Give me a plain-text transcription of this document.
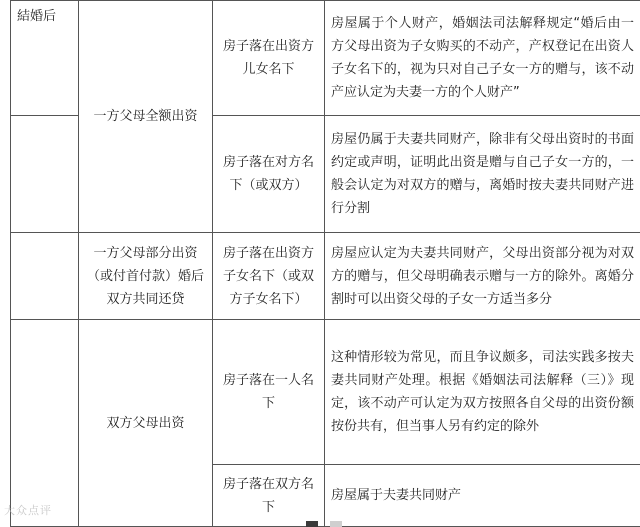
結婚后	一方父母全额出资	房子落在出资方儿女名下	房屋属于个人财产，婚姻法司法解释规定“婚后由一方父母出资为子女购买的不动产，产权登记在出资人子女名下的，视为只对自己子女一方的赠与，该不动产应认定为夫妻一方的个人财产”
		房子落在对方名下（或双方）	房屋仍属于夫妻共同财产，除非有父母出资时的书面约定或声明，证明此出资是赠与自己子女一方的，一般会认定为对双方的赠与，离婚时按夫妻共同财产进行分割
	一方父母部分出资（或付首付款）婚后双方共同还贷	房子落在出资方子女名下（或双方子女名下）	房屋应认定为夫妻共同财产，父母出资部分视为对双方的赠与，但父母明确表示赠与一方的除外。离婚分割时可以出资父母的子女一方适当多分
	双方父母出资	房子落在一人名下	这种情形较为常见，而且争议颇多，司法实践多按夫妻共同财产处理。根据《婚姻法司法解释（三）》现定，该不动产可认定为双方按照各自父母的出资份额按份共有，但当事人另有约定的除外
		房子落在双方名下	房屋属于夫妻共同财产
大众点评
